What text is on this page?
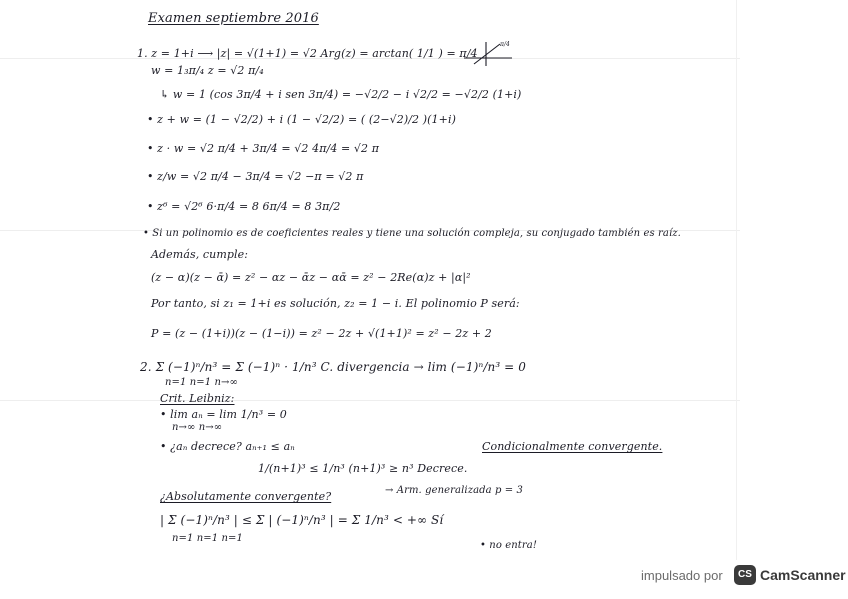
Examen septiembre 2016
1. z = 1+i ⟶ |z| = √(1+1) = √2 Arg(z) = arctan( 1/1 ) = π/4
π/4
w = 1₃π/₄ z = √2 π/₄
↳ w = 1 (cos 3π/4 + i sen 3π/4) = −√2/2 − i √2/2 = −√2/2 (1+i)
• z + w = (1 − √2/2) + i (1 − √2/2) = ( (2−√2)/2 )(1+i)
• z · w = √2 π/4 + 3π/4 = √2 4π/4 = √2 π
• z/w = √2 π/4 − 3π/4 = √2 −π = √2 π
• z⁶ = √2⁶ 6·π/4 = 8 6π/4 = 8 3π/2
• Si un polinomio es de coeficientes reales y tiene una solución compleja, su conjugado también es raíz.
Además, cumple:
(z − α)(z − ᾱ) = z² − αz − ᾱz − αᾱ = z² − 2Re(α)z + |α|²
Por tanto, si z₁ = 1+i es solución, z₂ = 1 − i. El polinomio P será:
P = (z − (1+i))(z − (1−i)) = z² − 2z + √(1+1)² = z² − 2z + 2
2. Σ (−1)ⁿ/n³ = Σ (−1)ⁿ · 1/n³ C. divergencia → lim (−1)ⁿ/n³ = 0
n=1 n=1 n→∞
Crit. Leibniz:
• lim aₙ = lim 1/n³ = 0
n→∞ n→∞
• ¿aₙ decrece? aₙ₊₁ ≤ aₙ	Condicionalmente convergente.
1/(n+1)³ ≤ 1/n³ (n+1)³ ≥ n³ Decrece.
¿Absolutamente convergente?	→ Arm. generalizada p = 3
| Σ (−1)ⁿ/n³ | ≤ Σ | (−1)ⁿ/n³ | = Σ 1/n³ < +∞ Sí
n=1 n=1 n=1
• no entra!
impulsado por	CS CamScanner
